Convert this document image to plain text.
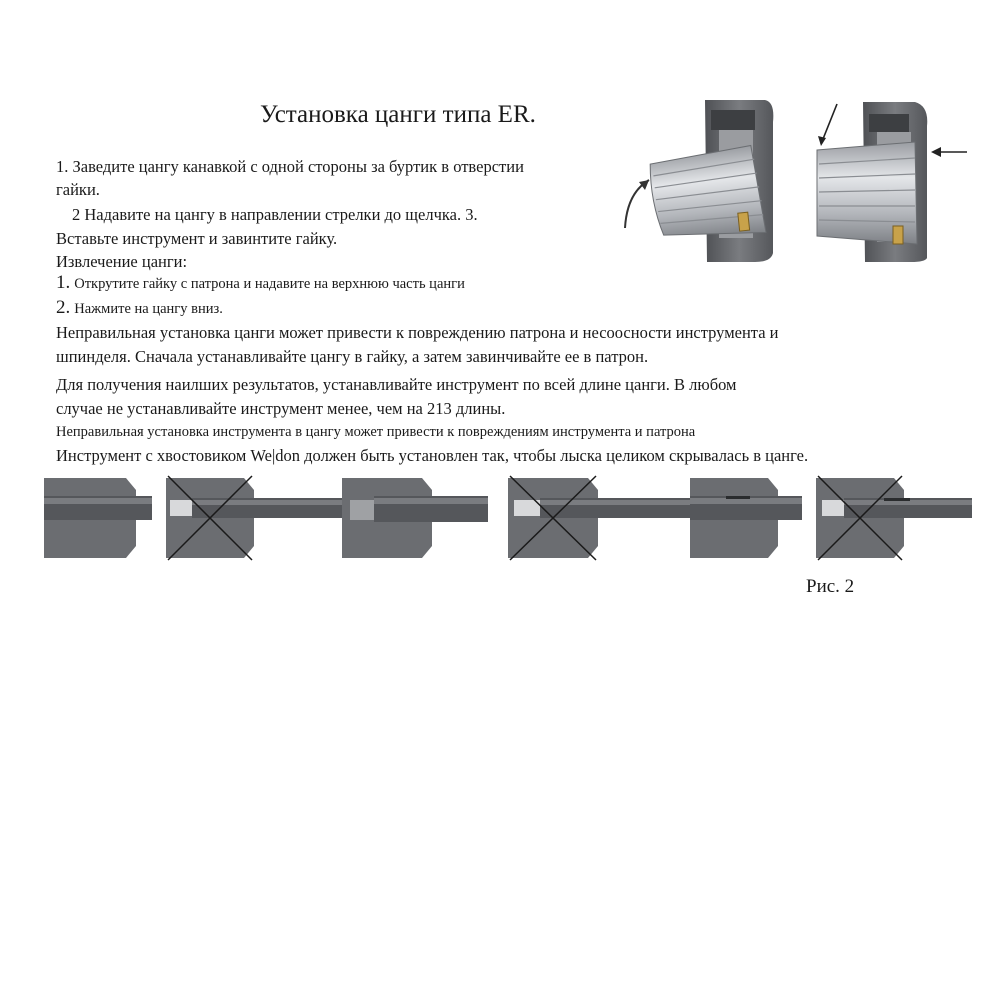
Установка цанги типа ER.
1. Заведите цангу канавкой с одной стороны за буртик в отверстии
гайки.
2 Надавите на цангу в направлении стрелки до щелчка. 3.
Вставьте инструмент и завинтите гайку.
Извлечение цанги:
1. Открутите гайку с патрона и надавите на верхнюю часть цанги
2. Нажмите на цангу вниз.
Неправильная установка цанги может привести к повреждению патрона и несоосности инструмента и
шпинделя. Сначала устанавливайте цангу в гайку, а затем завинчивайте ее в патрон.
Для получения наилших результатов, устанавливайте инструмент по всей длине цанги. В любом
случае не устанавливайте инструмент менее, чем на 213 длины.
Неправильная установка инструмента в цангу может привести к повреждениям инструмента и патрона
Инструмент с хвостовиком We|don должен быть установлен так, чтобы лыска целиком скрывалась в цанге.
Рис. 2
